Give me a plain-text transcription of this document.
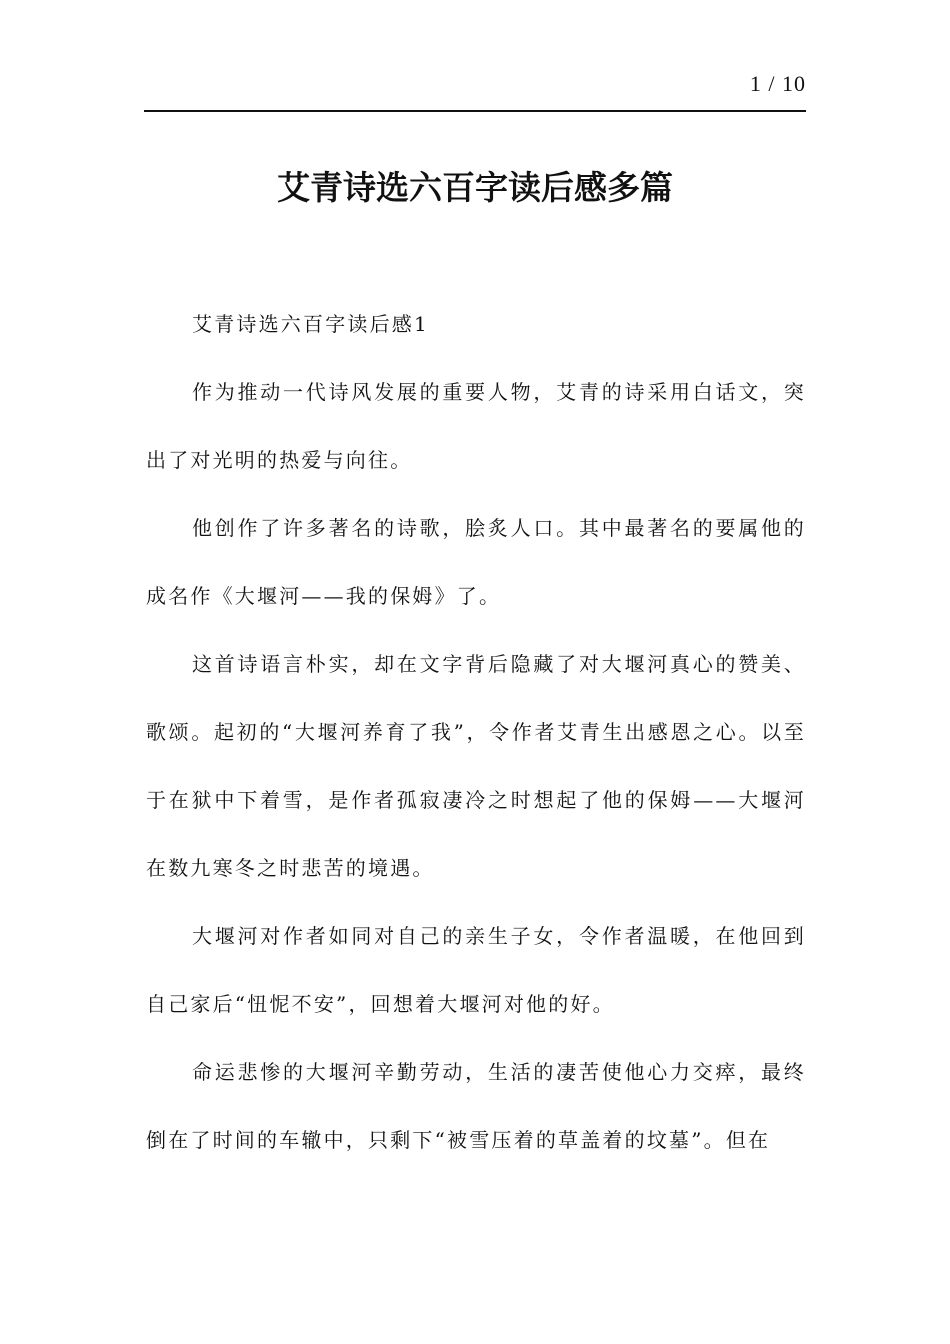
1 / 10
艾青诗选六百字读后感多篇

艾青诗选六百字读后感1

作为推动一代诗风发展的重要人物，艾青的诗采用白话文，突出了对光明的热爱与向往。

他创作了许多著名的诗歌，脍炙人口。其中最著名的要属他的成名作《大堰河——我的保姆》了。

这首诗语言朴实，却在文字背后隐藏了对大堰河真心的赞美、歌颂。起初的“大堰河养育了我”，令作者艾青生出感恩之心。以至于在狱中下着雪，是作者孤寂凄冷之时想起了他的保姆——大堰河在数九寒冬之时悲苦的境遇。

大堰河对作者如同对自己的亲生子女，令作者温暖，在他回到自己家后“忸怩不安”，回想着大堰河对他的好。

命运悲惨的大堰河辛勤劳动，生活的凄苦使他心力交瘁，最终倒在了时间的车辙中，只剩下“被雪压着的草盖着的坟墓”。但在
